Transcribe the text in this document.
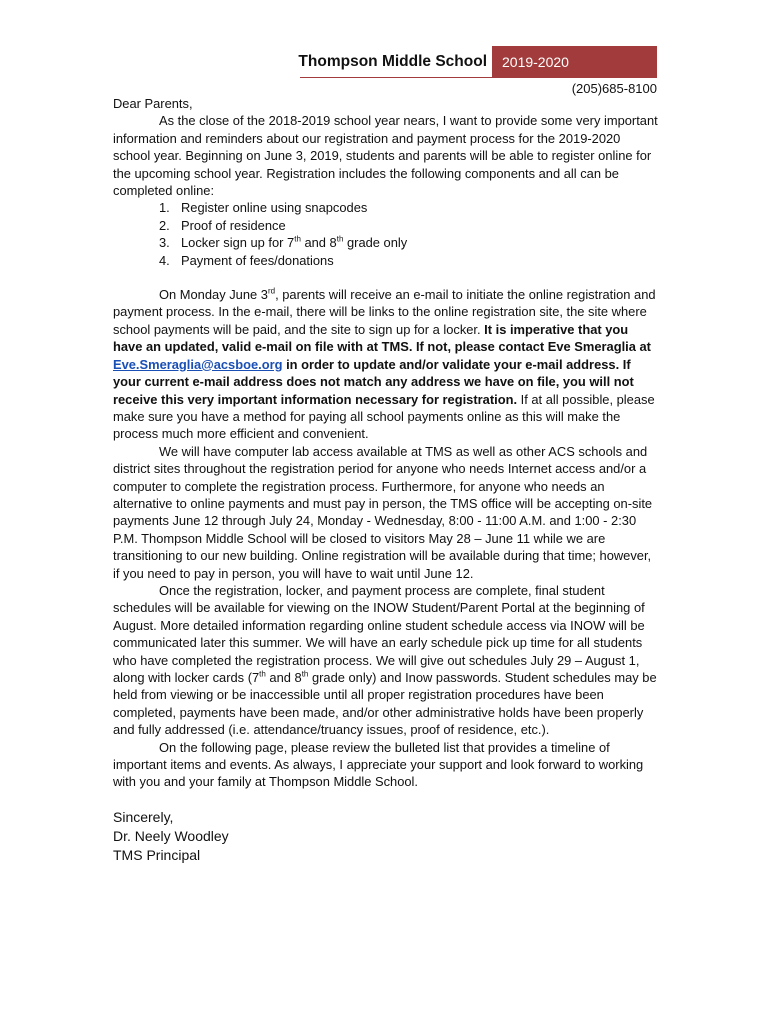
Thompson Middle School 2019-2020
(205)685-8100

Dear Parents,

As the close of the 2018-2019 school year nears, I want to provide some very important information and reminders about our registration and payment process for the 2019-2020 school year. Beginning on June 3, 2019, students and parents will be able to register online for the upcoming school year. Registration includes the following components and all can be completed online:

1. Register online using snapcodes
2. Proof of residence
3. Locker sign up for 7th and 8th grade only
4. Payment of fees/donations

On Monday June 3rd, parents will receive an e-mail to initiate the online registration and payment process. In the e-mail, there will be links to the online registration site, the site where school payments will be paid, and the site to sign up for a locker. It is imperative that you have an updated, valid e-mail on file with at TMS. If not, please contact Eve Smeraglia at Eve.Smeraglia@acsboe.org in order to update and/or validate your e-mail address. If your current e-mail address does not match any address we have on file, you will not receive this very important information necessary for registration. If at all possible, please make sure you have a method for paying all school payments online as this will make the process much more efficient and convenient.

We will have computer lab access available at TMS as well as other ACS schools and district sites throughout the registration period for anyone who needs Internet access and/or a computer to complete the registration process. Furthermore, for anyone who needs an alternative to online payments and must pay in person, the TMS office will be accepting on-site payments June 12 through July 24, Monday - Wednesday, 8:00 - 11:00 A.M. and 1:00 - 2:30 P.M. Thompson Middle School will be closed to visitors May 28 – June 11 while we are transitioning to our new building. Online registration will be available during that time; however, if you need to pay in person, you will have to wait until June 12.

Once the registration, locker, and payment process are complete, final student schedules will be available for viewing on the INOW Student/Parent Portal at the beginning of August. More detailed information regarding online student schedule access via INOW will be communicated later this summer. We will have an early schedule pick up time for all students who have completed the registration process. We will give out schedules July 29 – August 1, along with locker cards (7th and 8th grade only) and Inow passwords. Student schedules may be held from viewing or be inaccessible until all proper registration procedures have been completed, payments have been made, and/or other administrative holds have been properly and fully addressed (i.e. attendance/truancy issues, proof of residence, etc.).

On the following page, please review the bulleted list that provides a timeline of important items and events. As always, I appreciate your support and look forward to working with you and your family at Thompson Middle School.

Sincerely,

Dr. Neely Woodley

TMS Principal
